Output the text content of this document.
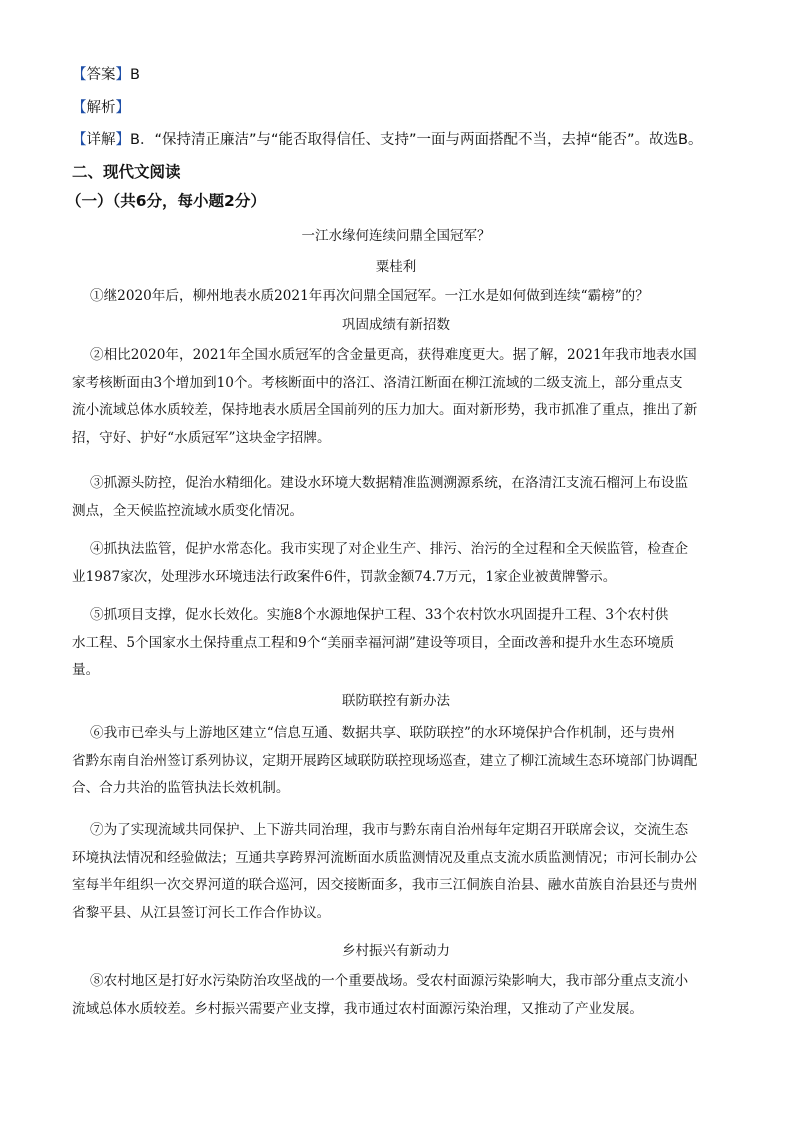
【答案】B
【解析】
【详解】B．“保持清正廉洁”与“能否取得信任、支持”一面与两面搭配不当，去掉“能否”。故选B。
二、现代文阅读
（一）（共6分，每小题2分）
一江水缘何连续问鼎全国冠军？
粟桂利
①继2020年后，柳州地表水质2021年再次问鼎全国冠军。一江水是如何做到连续“霸榜”的？
巩固成绩有新招数
②相比2020年，2021年全国水质冠军的含金量更高，获得难度更大。据了解，2021年我市地表水国
家考核断面由3个增加到10个。考核断面中的洛江、洛清江断面在柳江流域的二级支流上，部分重点支
流小流域总体水质较差，保持地表水质居全国前列的压力加大。面对新形势，我市抓准了重点，推出了新
招，守好、护好“水质冠军”这块金字招牌。
③抓源头防控，促治水精细化。建设水环境大数据精准监测溯源系统，在洛清江支流石榴河上布设监
测点，全天候监控流域水质变化情况。
④抓执法监管，促护水常态化。我市实现了对企业生产、排污、治污的全过程和全天候监管，检查企
业1987家次，处理涉水环境违法行政案件6件，罚款金额74.7万元，1家企业被黄牌警示。
⑤抓项目支撑，促水长效化。实施8个水源地保护工程、33个农村饮水巩固提升工程、3个农村供
水工程、5个国家水土保持重点工程和9个“美丽幸福河湖”建设等项目，全面改善和提升水生态环境质
量。
联防联控有新办法
⑥我市已牵头与上游地区建立“信息互通、数据共享、联防联控”的水环境保护合作机制，还与贵州
省黔东南自治州签订系列协议，定期开展跨区域联防联控现场巡查，建立了柳江流域生态环境部门协调配
合、合力共治的监管执法长效机制。
⑦为了实现流域共同保护、上下游共同治理，我市与黔东南自治州每年定期召开联席会议，交流生态
环境执法情况和经验做法；互通共享跨界河流断面水质监测情况及重点支流水质监测情况；市河长制办公
室每半年组织一次交界河道的联合巡河，因交接断面多，我市三江侗族自治县、融水苗族自治县还与贵州
省黎平县、从江县签订河长工作合作协议。
乡村振兴有新动力
⑧农村地区是打好水污染防治攻坚战的一个重要战场。受农村面源污染影响大，我市部分重点支流小
流域总体水质较差。乡村振兴需要产业支撑，我市通过农村面源污染治理，又推动了产业发展。
